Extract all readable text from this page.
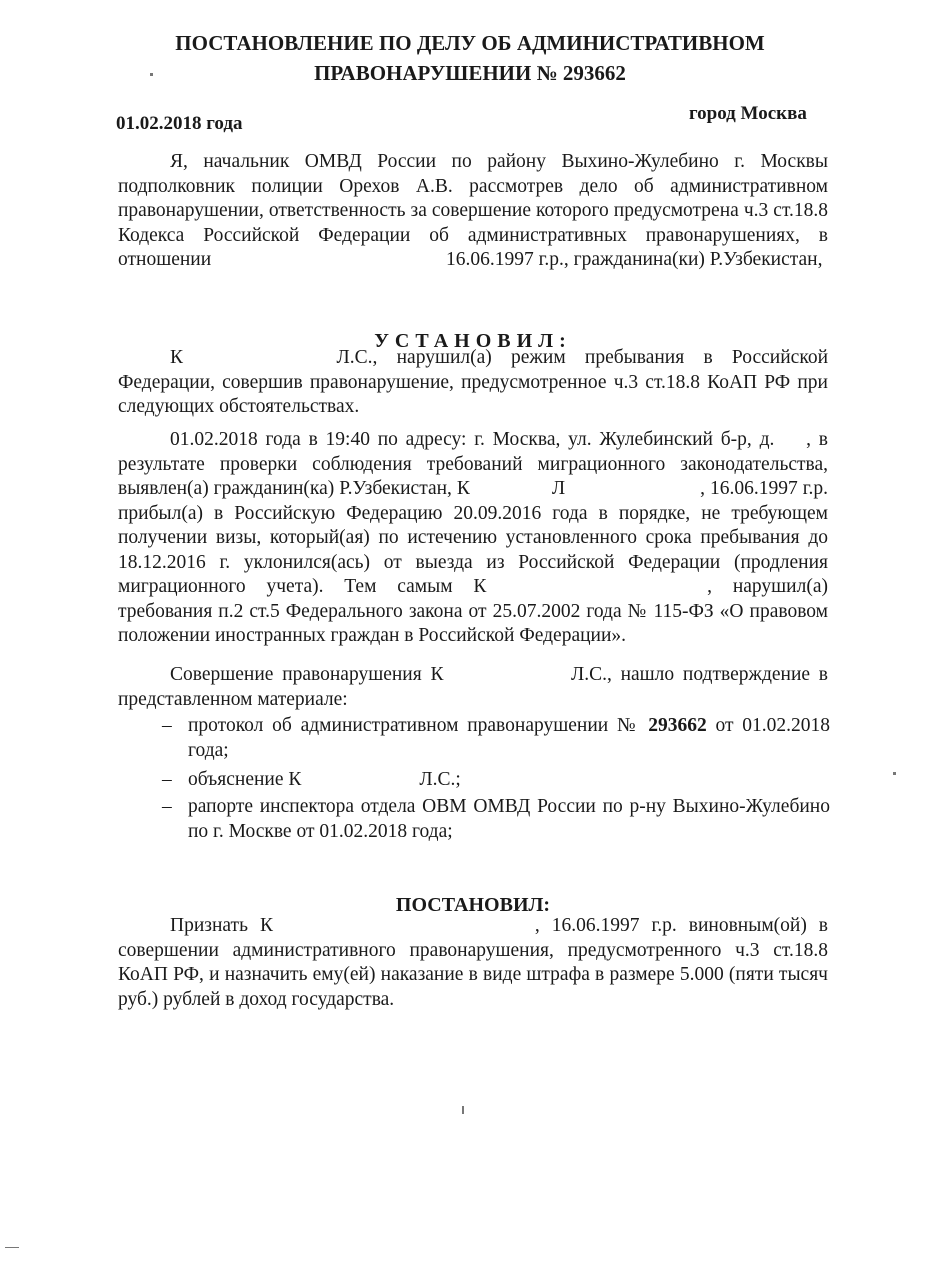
ПОСТАНОВЛЕНИЕ ПО ДЕЛУ ОБ АДМИНИСТРАТИВНОМ
ПРАВОНАРУШЕНИИ № 293662
01.02.2018 года	город Москва
Я, начальник ОМВД России по району Выхино-Жулебино г. Москвы подполковник полиции Орехов А.В. рассмотрев дело об административном правонарушении, ответственность за совершение которого предусмотрена ч.3 ст.18.8 Кодекса Российской Федерации об административных правонарушениях, в отношении	16.06.1997 г.р., гражданина(ки) Р.Узбекистан,
УСТАНОВИЛ:
К	Л.С., нарушил(а) режим пребывания в Российской Федерации, совершив правонарушение, предусмотренное ч.3 ст.18.8 КоАП РФ при следующих обстоятельствах.
01.02.2018 года в 19:40 по адресу: г. Москва, ул. Жулебинский б-р, д. , в результате проверки соблюдения требований миграционного законодательства, выявлен(а) гражданин(ка) Р.Узбекистан, К	Л	, 16.06.1997 г.р. прибыл(а) в Российскую Федерацию 20.09.2016 года в порядке, не требующем получении визы, который(ая) по истечению установленного срока пребывания до 18.12.2016 г. уклонился(ась) от выезда из Российской Федерации (продления миграционного учета). Тем самым К	, нарушил(а) требования п.2 ст.5 Федерального закона от 25.07.2002 года № 115-ФЗ «О правовом положении иностранных граждан в Российской Федерации».
Совершение правонарушения К	Л.С., нашло подтверждение в представленном материале:
– протокол об административном правонарушении № 293662 от 01.02.2018 года;
– объяснение К	Л.С.;
– рапорте инспектора отдела ОВМ ОМВД России по р-ну Выхино-Жулебино по г. Москве от 01.02.2018 года;
ПОСТАНОВИЛ:
Признать К	, 16.06.1997 г.р. виновным(ой) в совершении административного правонарушения, предусмотренного ч.3 ст.18.8 КоАП РФ, и назначить ему(ей) наказание в виде штрафа в размере 5.000 (пяти тысяч руб.) рублей в доход государства.
